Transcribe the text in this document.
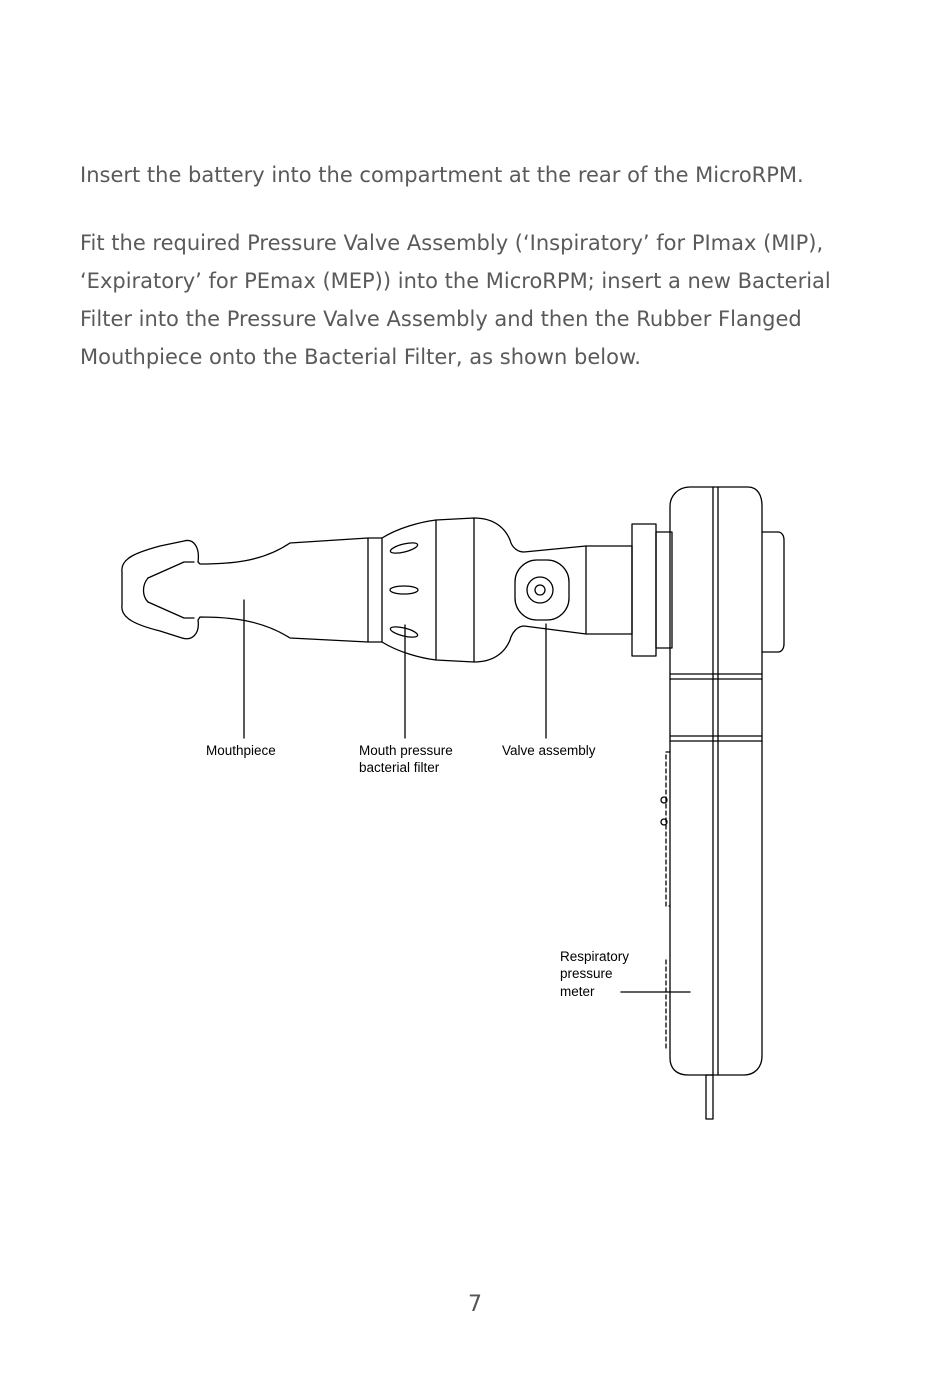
Insert the battery into the compartment at the rear of the MicroRPM.

Fit the required Pressure Valve Assembly (‘Inspiratory’ for PImax (MIP), ‘Expiratory’ for PEmax (MEP)) into the MicroRPM; insert a new Bacterial Filter into the Pressure Valve Assembly and then the Rubber Flanged Mouthpiece onto the Bacterial Filter, as shown below.

Mouthpiece	Mouth pressure
bacterial filter
Valve assembly
Respiratory
pressure
meter
7
